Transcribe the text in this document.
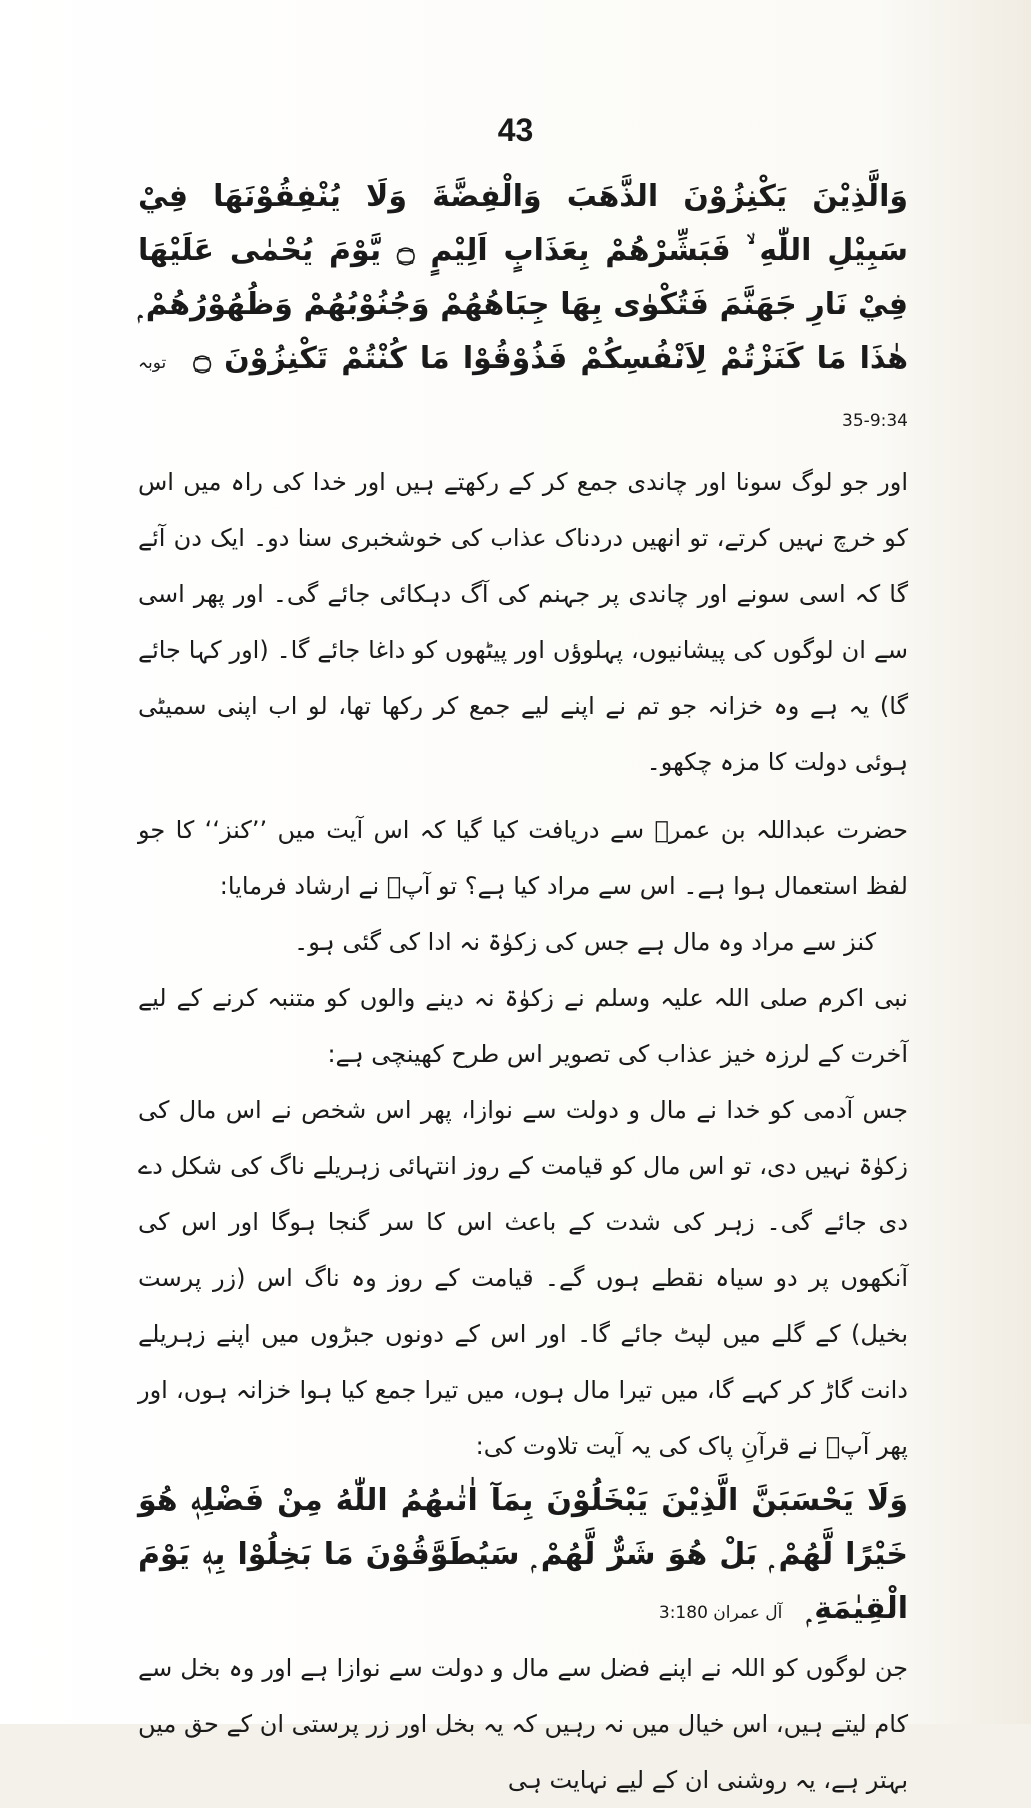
43

وَالَّذِيْنَ يَكْنِزُوْنَ الذَّهَبَ وَالْفِضَّةَ وَلَا يُنْفِقُوْنَهَا فِيْ سَبِيْلِ اللّٰهِ ۙ فَبَشِّرْهُمْ بِعَذَابٍ اَلِيْمٍ ۝ يَّوْمَ يُحْمٰى عَلَيْهَا فِيْ نَارِ جَهَنَّمَ فَتُكْوٰى بِهَا جِبَاهُهُمْ وَجُنُوْبُهُمْ وَظُهُوْرُهُمْ ۭ هٰذَا مَا كَنَزْتُمْ لِاَنْفُسِكُمْ فَذُوْقُوْا مَا كُنْتُمْ تَكْنِزُوْنَ ۝ توبہ 9:34-35

اور جو لوگ سونا اور چاندی جمع کر کے رکھتے ہیں اور خدا کی راہ میں اس کو خرچ نہیں کرتے، تو انھیں دردناک عذاب کی خوشخبری سنا دو۔ ایک دن آئے گا کہ اسی سونے اور چاندی پر جہنم کی آگ دہکائی جائے گی۔ اور پھر اسی سے ان لوگوں کی پیشانیوں، پہلوؤں اور پیٹھوں کو داغا جائے گا۔ (اور کہا جائے گا) یہ ہے وہ خزانہ جو تم نے اپنے لیے جمع کر رکھا تھا، لو اب اپنی سمیٹی ہوئی دولت کا مزہ چکھو۔

حضرت عبداللہ بن عمرؓ سے دریافت کیا گیا کہ اس آیت میں ’’کنز‘‘ کا جو لفظ استعمال ہوا ہے۔ اس سے مراد کیا ہے؟ تو آپؓ نے ارشاد فرمایا:

کنز سے مراد وہ مال ہے جس کی زکوٰۃ نہ ادا کی گئی ہو۔

نبی اکرم صلی اللہ علیہ وسلم نے زکوٰۃ نہ دینے والوں کو متنبہ کرنے کے لیے آخرت کے لرزہ خیز عذاب کی تصویر اس طرح کھینچی ہے:

جس آدمی کو خدا نے مال و دولت سے نوازا، پھر اس شخص نے اس مال کی زکوٰۃ نہیں دی، تو اس مال کو قیامت کے روز انتہائی زہریلے ناگ کی شکل دے دی جائے گی۔ زہر کی شدت کے باعث اس کا سر گنجا ہوگا اور اس کی آنکھوں پر دو سیاہ نقطے ہوں گے۔ قیامت کے روز وہ ناگ اس (زر پرست بخیل) کے گلے میں لپٹ جائے گا۔ اور اس کے دونوں جبڑوں میں اپنے زہریلے دانت گاڑ کر کہے گا، میں تیرا مال ہوں، میں تیرا جمع کیا ہوا خزانہ ہوں، اور پھر آپؐ نے قرآنِ پاک کی یہ آیت تلاوت کی:

وَلَا يَحْسَبَنَّ الَّذِيْنَ يَبْخَلُوْنَ بِمَآ اٰتٰىھُمُ اللّٰهُ مِنْ فَضْلِهٖ ھُوَ خَيْرًا لَّھُمْ ۭ بَلْ ھُوَ شَرٌّ لَّھُمْ ۭ سَيُطَوَّقُوْنَ مَا بَخِلُوْا بِهٖ يَوْمَ الْقِيٰمَةِ ۭ آل عمران 3:180

جن لوگوں کو اللہ نے اپنے فضل سے مال و دولت سے نوازا ہے اور وہ بخل سے کام لیتے ہیں، اس خیال میں نہ رہیں کہ یہ بخل اور زر پرستی ان کے حق میں بہتر ہے، یہ روشنی ان کے لیے نہایت ہی
